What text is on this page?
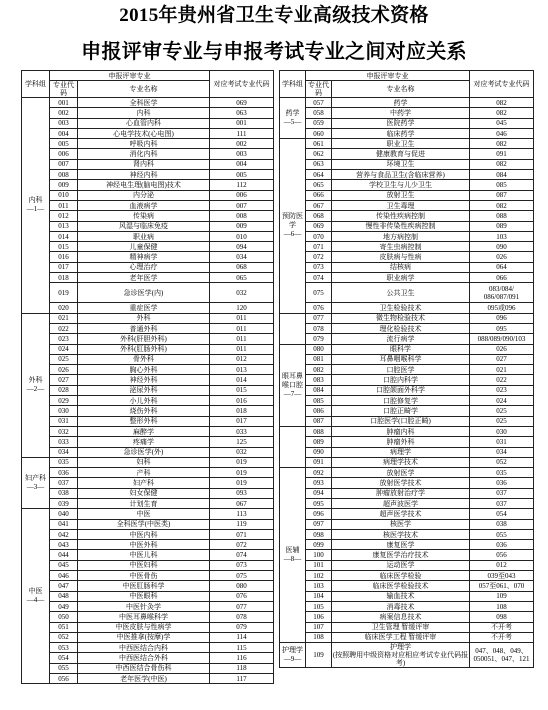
2015年贵州省卫生专业高级技术资格
申报评审专业与申报考试专业之间对应关系
学科组	申报评审专业		对应考试专业代码
	专业代码	专业名称	
内科
—1—	001	全科医学	069
	002	内科	063
	003	心血管内科	001
	004	心电学技术(心电图)	111
	005	呼吸内科	002
	006	消化内科	003
	007	肾内科	004
	008	神经内科	005
	009	神经电生理(脑电图)技术	112
	010	内分泌	006
	011	血液病学	007
	012	传染病	008
	013	风湿与临床免疫	009
	014	职业病	010
	015	儿童保健	094
	016	精神病学	034
	017	心理治疗	068
	018	老年医学	065
	019	急诊医学(内)	032
	020	重症医学	120
外科
—2—	021	外科	011
	022	普通外科	011
	023	外科(肝胆外科)	011
	024	外科(肛肠外科)	011
	025	骨外科	012
	026	胸心外科	013
	027	神经外科	014
	028	泌尿外科	015
	029	小儿外科	016
	030	烧伤外科	018
	031	整形外科	017
	032	麻醉学	033
	033	疼痛学	125
	034	急诊医学(外)	032
妇产科
—3—	035	妇科	019
	036	产科	019
	037	妇产科	019
	038	妇女保健	093
	039	计划生育	067
中医
—4—	040	中医	113
	041	全科医学(中医类)	119
	042	中医内科	071
	043	中医外科	072
	044	中医儿科	074
	045	中医妇科	073
	046	中医骨伤	075
	047	中医肛肠科学	080
	048	中医眼科	076
	049	中医针灸学	077
	050	中医耳鼻喉科学	078
	051	中医皮肤与性病学	079
	052	中医推拿(按摩)学	114
	053	中西医结合内科	115
	054	中西医结合外科	116
	055	中西医结合骨伤科	118
	056	老年医学(中医)	117
学科组	申报评审专业		对应考试专业代码
	专业代码	专业名称	
药学
—5—	057	药学	082
	058	中药学	082
	059	医院药学	045
	060	临床药学	046
预防医学
—6—	061	职业卫生	082
	062	健康教育与促进	091
	063	环境卫生	082
	064	营养与食品卫生(含临床营养)	084
	065	学校卫生与儿少卫生	085
	066	放射卫生	087
	067	卫生毒理	082
	068	传染性疾病控制	088
	069	慢性非传染性疾病控制	089
	070	地方病控制	103
	071	寄生虫病控制	090
	072	皮肤病与性病	026
	073	结核病	064
	074	职业病学	066
	075	公共卫生	083/084/
086/087/091
	076	卫生检验技术	095或096
	077	微生物检验技术	096
	078	理化检验技术	095
	079	流行病学	088/089/090/103
眼耳鼻喉口腔
—7—	080	眼科学	026
	081	耳鼻咽喉科学	027
	082	口腔医学	021
	083	口腔内科学	022
	084	口腔颌面外科学	023
	085	口腔修复学	024
	086	口腔正畸学	025
	087	口腔医学(口腔正畸)	025
	088	肿瘤内科	030
	089	肿瘤外科	031
	090	病理学	034
	091	病理学技术	052
医辅
—8—	092	放射医学	035
	093	放射医学技术	036
	094	肿瘤放射治疗学	037
	095	超声波医学	037
	096	超声医学技术	054
	097	核医学	038
	098	核医学技术	055
	099	康复医学	036
	100	康复医学治疗技术	056
	101	运动医学	012
	102	临床医学检验	039至043
	103	临床医学检验技术	057至061、070
	104	输血技术	109
	105	消毒技术	108
	106	病案信息技术	098
	107	卫生管理 暂缓评审	不开考
	108	临床医学工程 暂缓评审	不开考
护理学
—9—	109	护理学
(按照聘用中级资格对应相应考试专业代码报考)	047、048、049、
050051、047、121
